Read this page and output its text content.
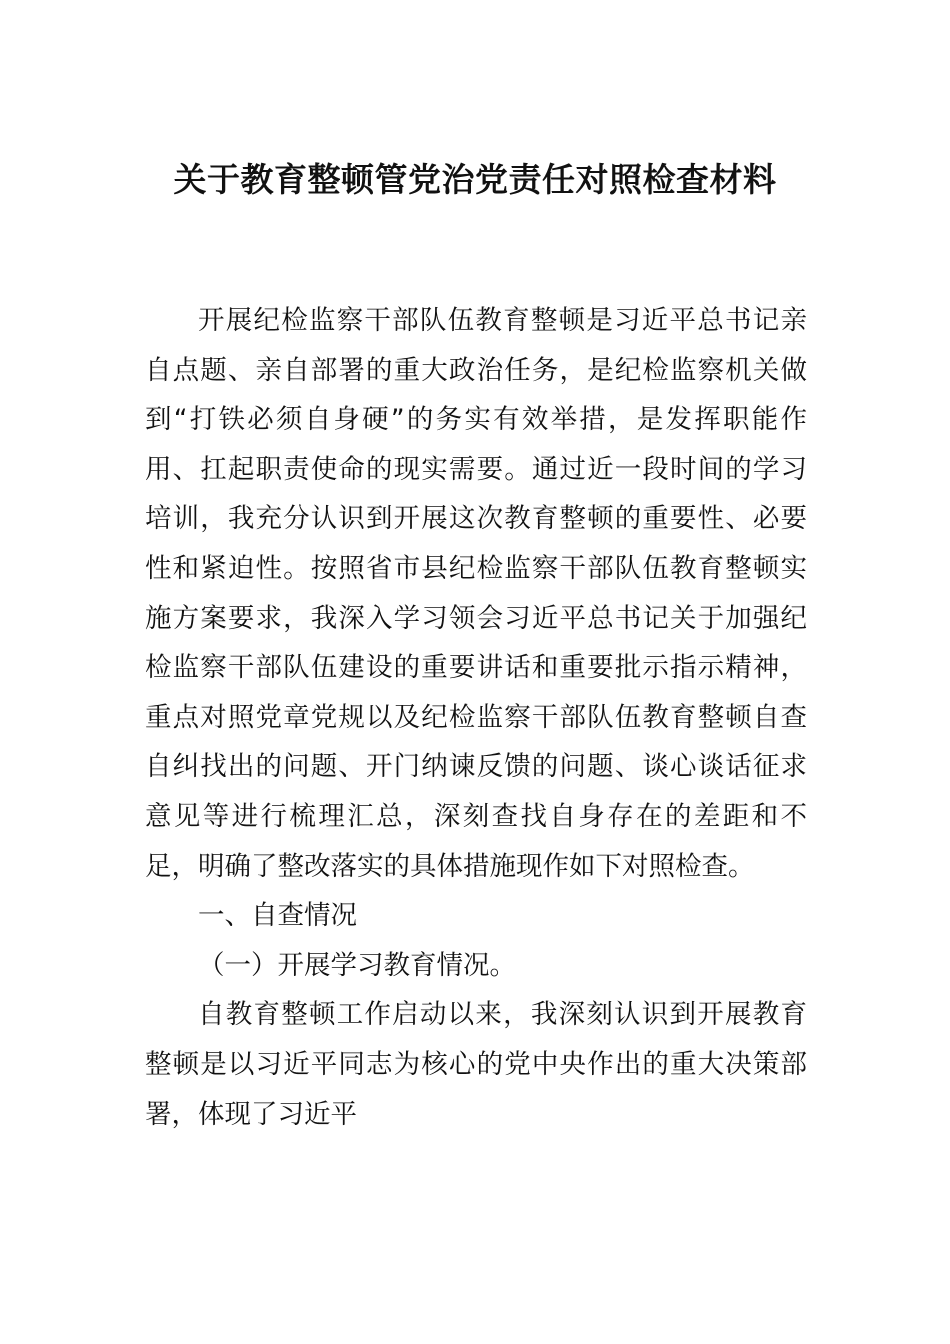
关于教育整顿管党治党责任对照检查材料

开展纪检监察干部队伍教育整顿是习近平总书记亲自点题、亲自部署的重大政治任务，是纪检监察机关做到“打铁必须自身硬”的务实有效举措，是发挥职能作用、扛起职责使命的现实需要。通过近一段时间的学习培训，我充分认识到开展这次教育整顿的重要性、必要性和紧迫性。按照省市县纪检监察干部队伍教育整顿实施方案要求，我深入学习领会习近平总书记关于加强纪检监察干部队伍建设的重要讲话和重要批示指示精神，重点对照党章党规以及纪检监察干部队伍教育整顿自查自纠找出的问题、开门纳谏反馈的问题、谈心谈话征求意见等进行梳理汇总，深刻查找自身存在的差距和不足，明确了整改落实的具体措施现作如下对照检查。

一、自查情况

（一）开展学习教育情况。

自教育整顿工作启动以来，我深刻认识到开展教育整顿是以习近平同志为核心的党中央作出的重大决策部署，体现了习近平
